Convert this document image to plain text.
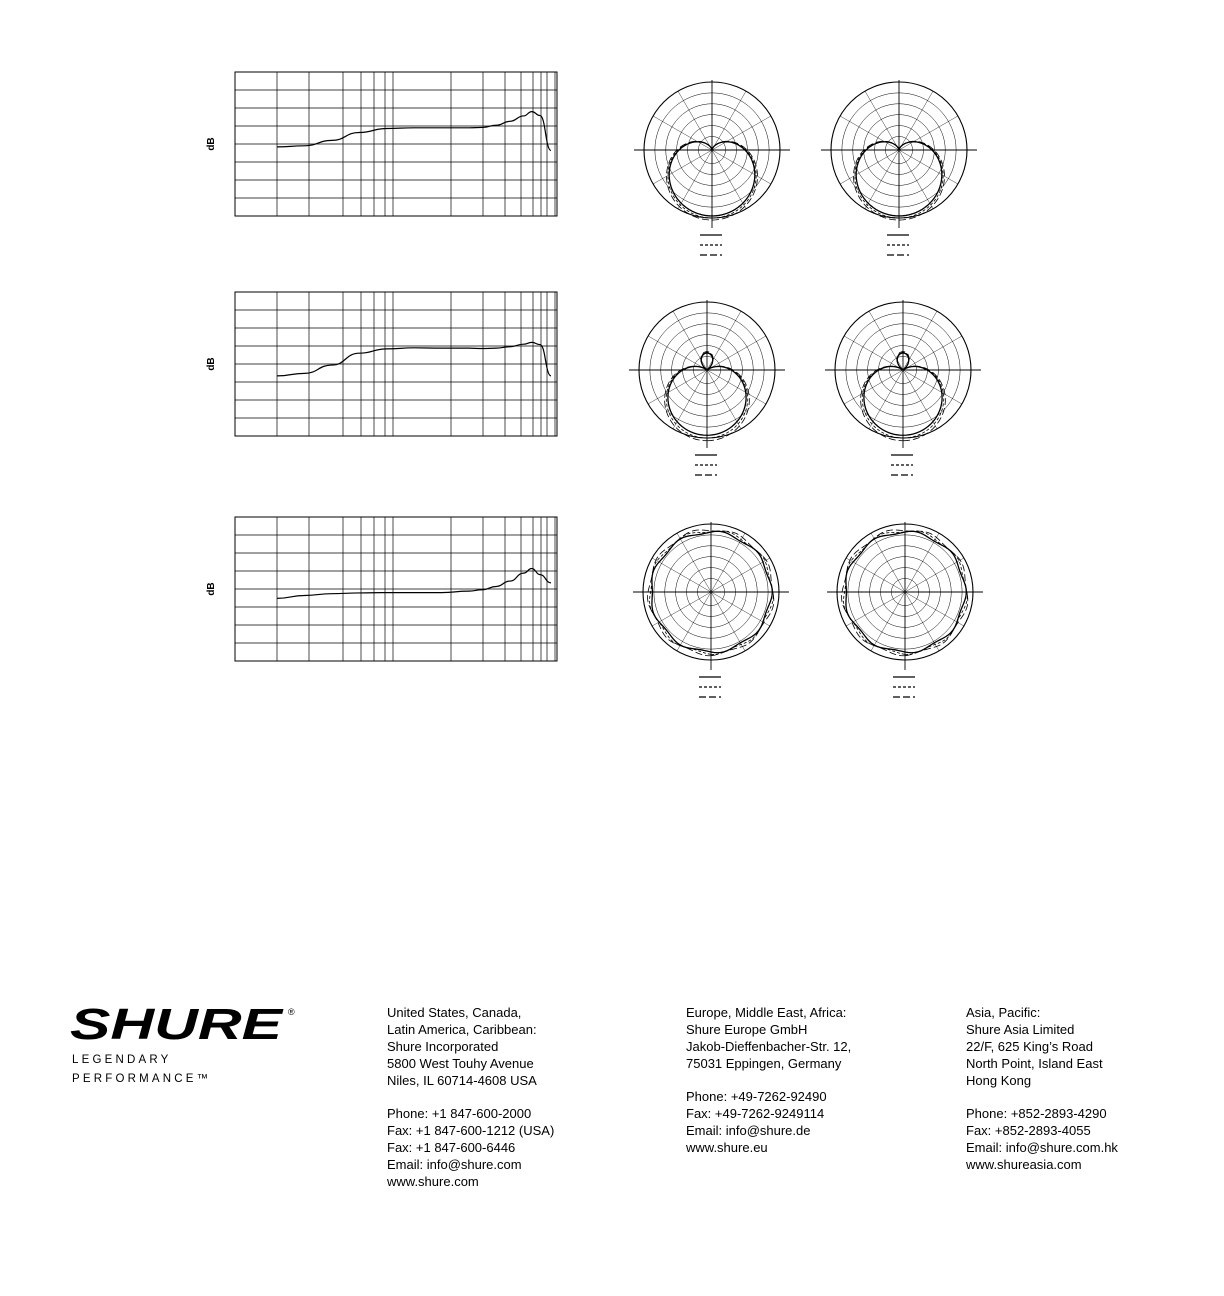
dB
dB
dB
SHURE ®
LEGENDARY
PERFORMANCE™
United States, Canada,
Latin America, Caribbean:
Shure Incorporated
5800 West Touhy Avenue
Niles, IL 60714-4608 USA
Phone: +1 847-600-2000
Fax: +1 847-600-1212 (USA)
Fax: +1 847-600-6446
Email: info@shure.com
www.shure.com
Europe, Middle East, Africa:
Shure Europe GmbH
Jakob-Dieffenbacher-Str. 12,
75031 Eppingen, Germany
Phone: +49-7262-92490
Fax: +49-7262-9249114
Email: info@shure.de
www.shure.eu
Asia, Pacific:
Shure Asia Limited
22/F, 625 King’s Road
North Point, Island East
Hong Kong
Phone: +852-2893-4290
Fax: +852-2893-4055
Email: info@shure.com.hk
www.shureasia.com
